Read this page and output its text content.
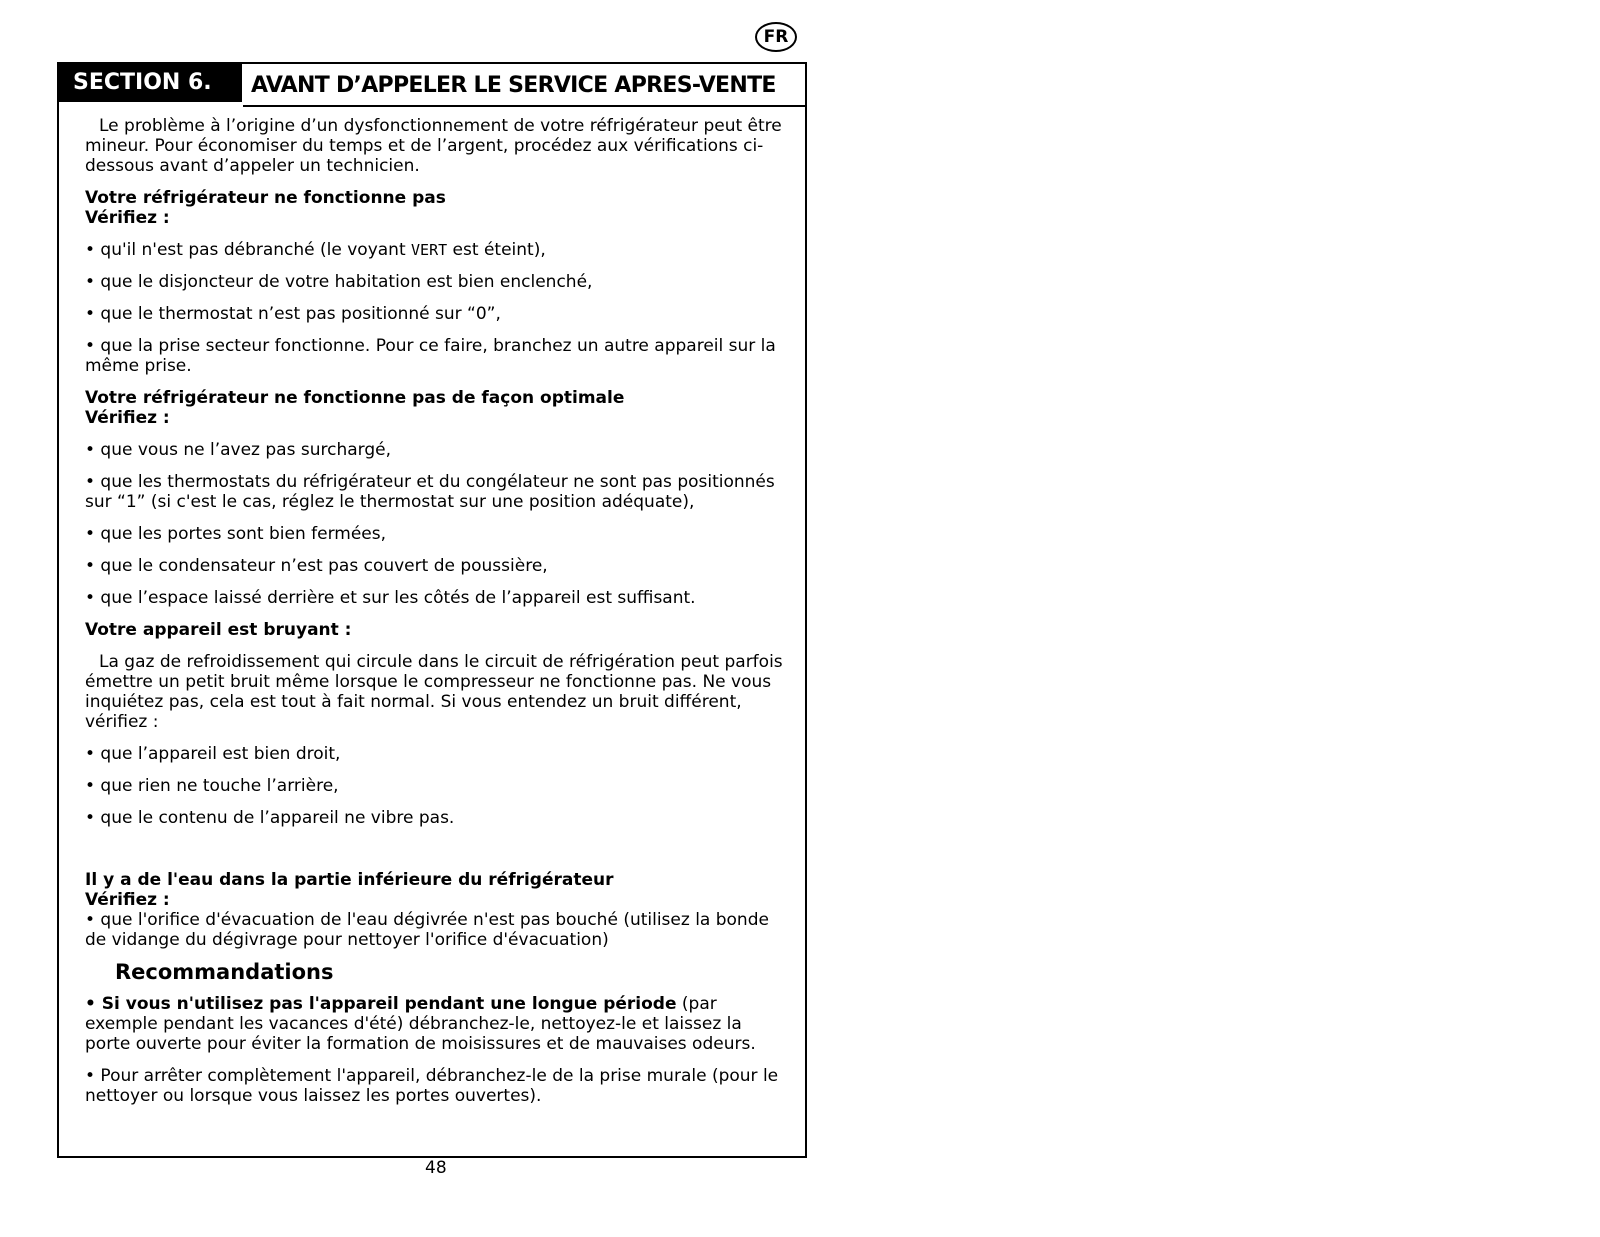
FR
SECTION 6.	AVANT D’APPELER LE SERVICE APRES-VENTE

Le problème à l’origine d’un dysfonctionnement de votre réfrigérateur peut être mineur. Pour économiser du temps et de l’argent, procédez aux vérifications ci-dessous avant d’appeler un technicien.

Votre réfrigérateur ne fonctionne pas

Vérifiez :

• qu'il n'est pas débranché (le voyant VERT est éteint),

• que le disjoncteur de votre habitation est bien enclenché,

• que le thermostat n’est pas positionné sur “0”,

• que la prise secteur fonctionne. Pour ce faire, branchez un autre appareil sur la même prise.

Votre réfrigérateur ne fonctionne pas de façon optimale

Vérifiez :

• que vous ne l’avez pas surchargé,

• que les thermostats du réfrigérateur et du congélateur ne sont pas positionnés sur “1” (si c'est le cas, réglez le thermostat sur une position adéquate),

• que les portes sont bien fermées,

• que le condensateur n’est pas couvert de poussière,

• que l’espace laissé derrière et sur les côtés de l’appareil est suffisant.

Votre appareil est bruyant :

La gaz de refroidissement qui circule dans le circuit de réfrigération peut parfois émettre un petit bruit même lorsque le compresseur ne fonctionne pas. Ne vous inquiétez pas, cela est tout à fait normal. Si vous entendez un bruit différent, vérifiez :

• que l’appareil est bien droit,

• que rien ne touche l’arrière,

• que le contenu de l’appareil ne vibre pas.

Il y a de l'eau dans la partie inférieure du réfrigérateur

Vérifiez :

• que l'orifice d'évacuation de l'eau dégivrée n'est pas bouché (utilisez la bonde de vidange du dégivrage pour nettoyer l'orifice d'évacuation)

Recommandations

• Si vous n'utilisez pas l'appareil pendant une longue période (par exemple pendant les vacances d'été) débranchez-le, nettoyez-le et laissez la porte ouverte pour éviter la formation de moisissures et de mauvaises odeurs.

• Pour arrêter complètement l'appareil, débranchez-le de la prise murale (pour le nettoyer ou lorsque vous laissez les portes ouvertes).

48
